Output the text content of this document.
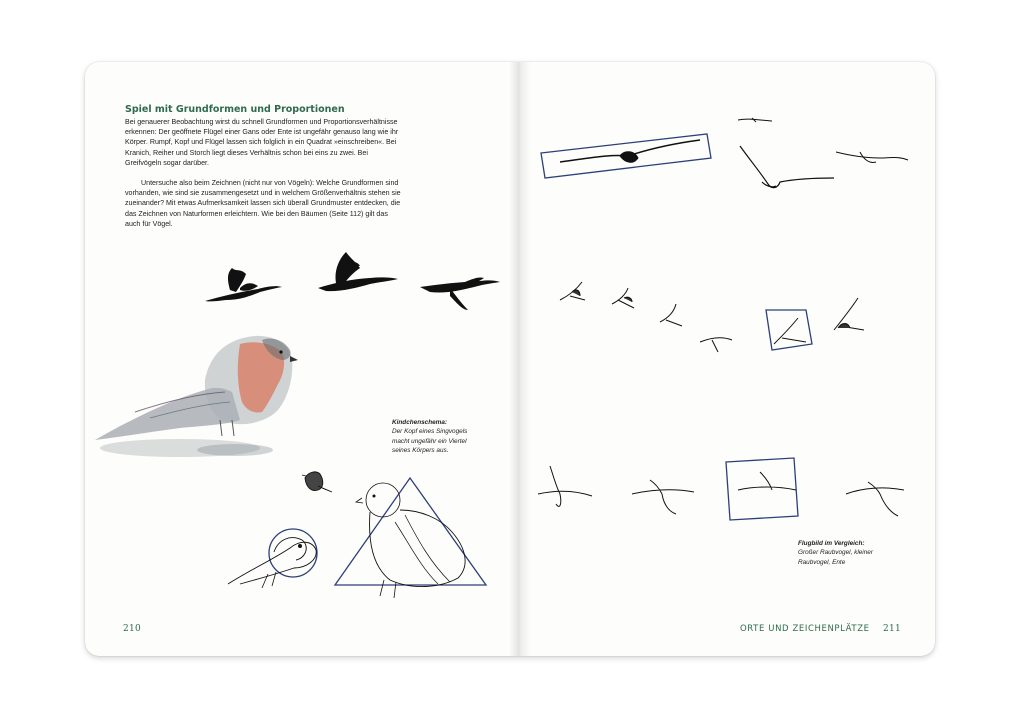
Spiel mit Grundformen und Proportionen

Bei genauerer Beobachtung wirst du schnell Grundformen und Proportionsverhältnisse erkennen: Der geöffnete Flügel einer Gans oder Ente ist ungefähr genauso lang wie ihr Körper. Rumpf, Kopf und Flügel lassen sich folglich in ein Quadrat »einschreiben«. Bei Kranich, Reiher und Storch liegt dieses Verhältnis schon bei eins zu zwei. Bei Greifvögeln sogar darüber.

Untersuche also beim Zeichnen (nicht nur von Vögeln): Welche Grundformen sind vorhanden, wie sind sie zusammengesetzt und in welchem Größenverhältnis stehen sie zueinander? Mit etwas Aufmerksamkeit lassen sich überall Grundmuster entdecken, die das Zeichnen von Naturformen erleichtern. Wie bei den Bäumen (Seite 112) gilt das auch für Vögel.

Kindchenschema:
Der Kopf eines Singvogels macht ungefähr ein Viertel seines Körpers aus.
Flugbild im Vergleich:
Großer Raubvogel, kleiner Raubvogel, Ente
210	ORTE UND ZEICHENPLÄTZE 211
